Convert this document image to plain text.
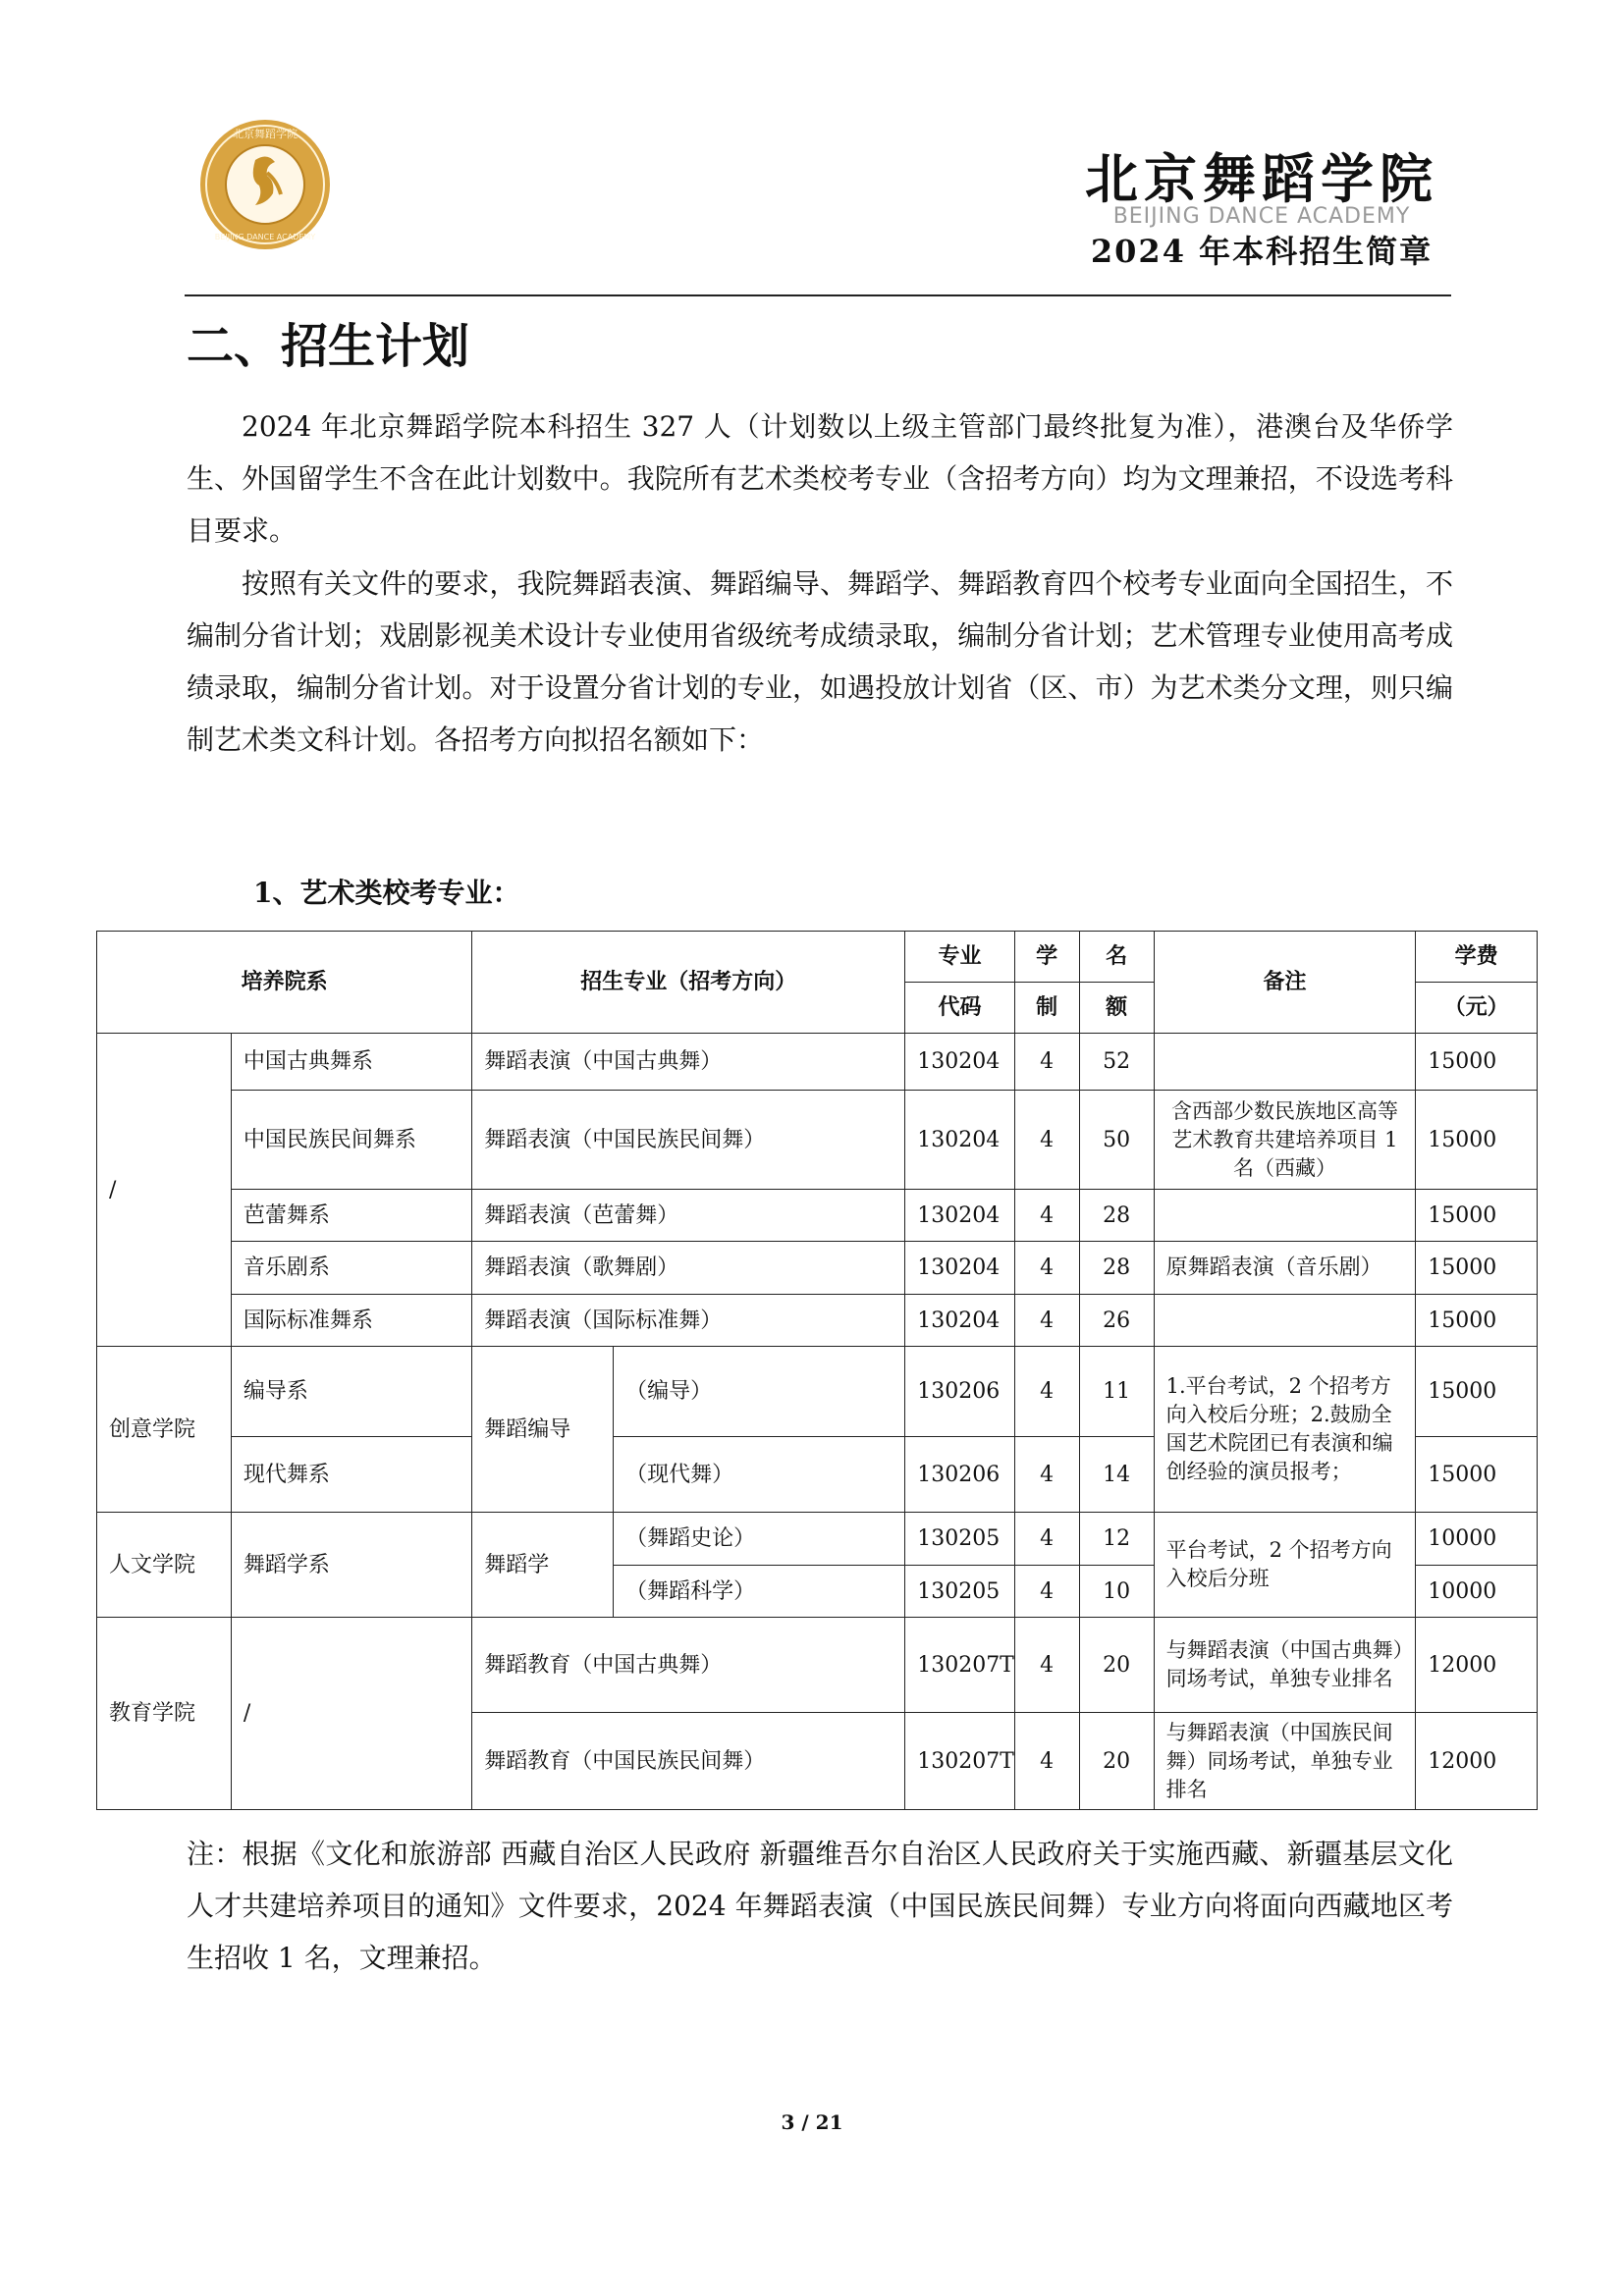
北京舞蹈学院
BEIJING DANCE ACADEMY
北京舞蹈学院
BEIJING DANCE ACADEMY
2024 年本科招生简章
二、招生计划
2024 年北京舞蹈学院本科招生 327 人（计划数以上级主管部门最终批复为准），港澳台及华侨学生、外国留学生不含在此计划数中。我院所有艺术类校考专业（含招考方向）均为文理兼招，不设选考科目要求。
按照有关文件的要求，我院舞蹈表演、舞蹈编导、舞蹈学、舞蹈教育四个校考专业面向全国招生，不编制分省计划；戏剧影视美术设计专业使用省级统考成绩录取，编制分省计划；艺术管理专业使用高考成绩录取，编制分省计划。对于设置分省计划的专业，如遇投放计划省（区、市）为艺术类分文理，则只编制艺术类文科计划。各招考方向拟招名额如下：
1、艺术类校考专业：
培养院系		招生专业（招考方向）		专业	学	名	备注	学费
				代码	制	额		（元）
/	中国古典舞系	舞蹈表演（中国古典舞）		130204	4	52		15000
	中国民族民间舞系	舞蹈表演（中国民族民间舞）		130204	4	50	含西部少数民族地区高等艺术教育共建培养项目 1 名（西藏）	15000
	芭蕾舞系	舞蹈表演（芭蕾舞）		130204	4	28		15000
	音乐剧系	舞蹈表演（歌舞剧）		130204	4	28	原舞蹈表演（音乐剧）	15000
	国际标准舞系	舞蹈表演（国际标准舞）		130204	4	26		15000
创意学院	编导系	舞蹈编导	（编导）	130206	4	11	1.平台考试，2 个招考方向入校后分班；2.鼓励全国艺术院团已有表演和编创经验的演员报考；	15000
	现代舞系		（现代舞）	130206	4	14		15000
人文学院	舞蹈学系	舞蹈学	（舞蹈史论）	130205	4	12	平台考试，2 个招考方向入校后分班	10000
			（舞蹈科学）	130205	4	10		10000
教育学院	/	舞蹈教育（中国古典舞）		130207T	4	20	与舞蹈表演（中国古典舞）同场考试，单独专业排名	12000
		舞蹈教育（中国民族民间舞）		130207T	4	20	与舞蹈表演（中国族民间舞）同场考试，单独专业排名	12000
注：根据《文化和旅游部 西藏自治区人民政府 新疆维吾尔自治区人民政府关于实施西藏、新疆基层文化人才共建培养项目的通知》文件要求，2024 年舞蹈表演（中国民族民间舞）专业方向将面向西藏地区考生招收 1 名，文理兼招。
3 / 21
